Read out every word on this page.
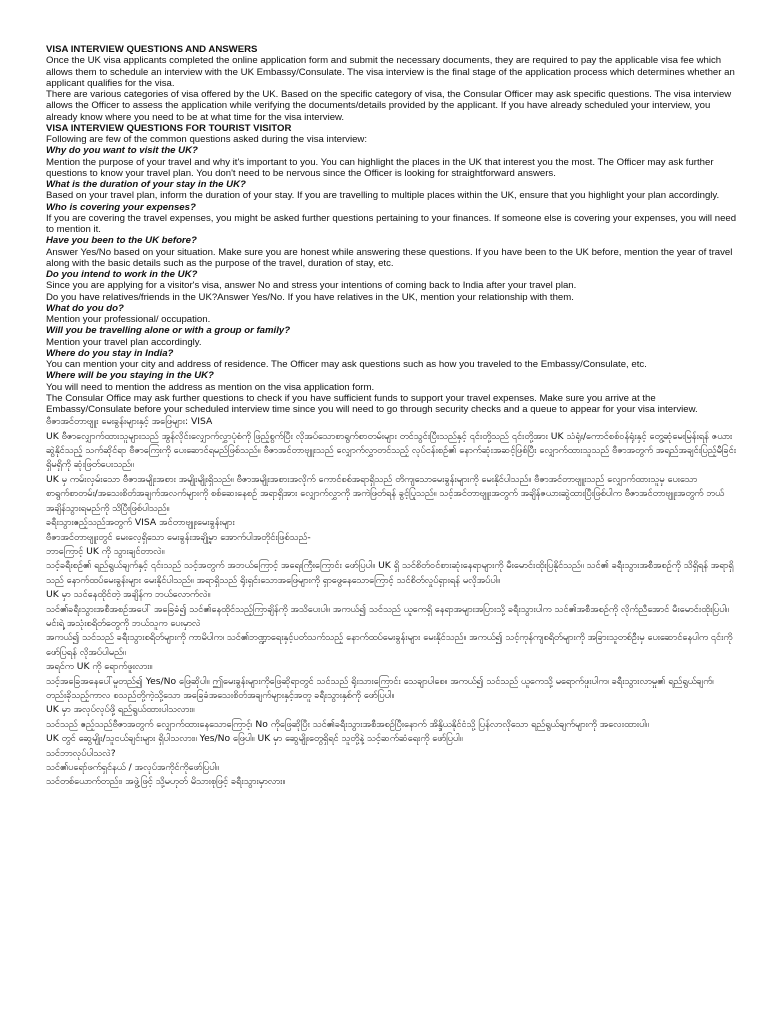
VISA INTERVIEW QUESTIONS AND ANSWERS

Once the UK visa applicants completed the online application form and submit the necessary documents, they are required to pay the applicable visa fee which allows them to schedule an interview with the UK Embassy/Consulate. The visa interview is the final stage of the application process which determines whether an applicant qualifies for the visa.

There are various categories of visa offered by the UK. Based on the specific category of visa, the Consular Officer may ask specific questions. The visa interview allows the Officer to assess the application while verifying the documents/details provided by the applicant. If you have already scheduled your interview, you already know where you need to be at what time for the visa interview.

VISA INTERVIEW QUESTIONS FOR TOURIST VISITOR

Following are few of the common questions asked during the visa interview:

Why do you want to visit the UK?

Mention the purpose of your travel and why it's important to you. You can highlight the places in the UK that interest you the most. The Officer may ask further questions to know your travel plan. You don't need to be nervous since the Officer is looking for straightforward answers.

What is the duration of your stay in the UK?

Based on your travel plan, inform the duration of your stay. If you are travelling to multiple places within the UK, ensure that you highlight your plan accordingly.

Who is covering your expenses?

If you are covering the travel expenses, you might be asked further questions pertaining to your finances. If someone else is covering your expenses, you will need to mention it.

Have you been to the UK before?

Answer Yes/No based on your situation. Make sure you are honest while answering these questions. If you have been to the UK before, mention the year of travel along with the basic details such as the purpose of the travel, duration of stay, etc.

Do you intend to work in the UK?

Since you are applying for a visitor's visa, answer No and stress your intentions of coming back to India after your travel plan.

Do you have relatives/friends in the UK?Answer Yes/No. If you have relatives in the UK, mention your relationship with them.

What do you do?

Mention your professional/ occupation.

Will you be travelling alone or with a group or family?

Mention your travel plan accordingly.

Where do you stay in India?

You can mention your city and address of residence. The Officer may ask questions such as how you traveled to the Embassy/Consulate, etc.

Where will be you staying in the UK?

You will need to mention the address as mention on the visa application form.

The Consular Office may ask further questions to check if you have sufficient funds to support your travel expenses. Make sure you arrive at the Embassy/Consulate before your scheduled interview time since you will need to go through security checks and a queue to appear for your visa interview.

ဗီဇာအင်တာဗျူး မေးခွန်းများနှင့် အဖြေများ: VISA

UK ဗီဇာလျှောက်ထားသူများသည် အွန်လိုင်းလျှောက်လွှာပုံစံကို ဖြည့်စွက်ပြီး လိုအပ်သောစာရွက်စာတမ်းများ တင်သွင်းပြီးသည်နှင့် ၎င်းတို့သည် ၎င်းတို့အား UK သံရုံး/ကောင်စစ်ဝန်ရုံးနှင့် တွေ့ဆုံမေးမြန်းရန် ဇယားဆွဲနိုင်သည့် သက်ဆိုင်ရာ ဗီဇာကြေးကို ပေးဆောင်ရမည်ဖြစ်သည်။ ဗီဇာအင်တာဗျူးသည် လျှောက်လွှာတင်သည့် လုပ်ငန်းစဉ်၏ နောက်ဆုံးအဆင့်ဖြစ်ပြီး လျှောက်ထားသူသည် ဗီဇာအတွက် အရည်အချင်းပြည့်မီခြင်းရှိမရှိကို ဆုံးဖြတ်ပေးသည်။

UK မှ ကမ်းလှမ်းသော ဗီဇာအမျိုးအစား အမျိုးမျိုးရှိသည်။ ဗီဇာအမျိုးအစားအလိုက် ကောင်စစ်အရာရှိသည် တိကျသောမေးခွန်းများကို မေးနိုင်ပါသည်။ ဗီဇာအင်တာဗျူးသည် လျှောက်ထားသူမှ ပေးသော စာရွက်စာတမ်း/အသေးစိတ်အချက်အလက်များကို စစ်ဆေးနေစဉ် အရာရှိအား လျှောက်လွှာကို အကဲဖြတ်ရန် ခွင့်ပြုသည်။ သင့်အင်တာဗျူးအတွက် အချိန်ဇယားဆွဲထားပြီးဖြစ်ပါက ဗီဇာအင်တာဗျူးအတွက် ဘယ်အချိန်သွားရမည်ကို သိပြီးဖြစ်ပါသည်။

ခရီးသွားဧည့်သည်အတွက် VISA အင်တာဗျူးမေးခွန်းများ

ဗီဇာအင်တာဗျူးတွင် မေးလေ့ရှိသော မေးခွန်းအချို့မှာ အောက်ပါအတိုင်းဖြစ်သည်-

ဘာကြောင့် UK ကို သွားချင်တာလဲ။

သင့်ခရီးစဉ်၏ ရည်ရွယ်ချက်နှင့် ၎င်းသည် သင့်အတွက် အဘယ်ကြောင့် အရေးကြီးကြောင်း ဖော်ပြပါ။ UK ရှိ သင်စိတ်ဝင်စားဆုံးနေရာများကို မီးမောင်းထိုးပြနိုင်သည်။ သင်၏ ခရီးသွားအစီအစဉ်ကို သိရှိရန် အရာရှိသည် နောက်ထပ်မေးခွန်းများ မေးနိုင်ပါသည်။ အရာရှိသည် ရိုးရှင်းသောအဖြေများကို ရှာဖွေနေသောကြောင့် သင်စိတ်လှုပ်ရှားရန် မလိုအပ်ပါ။

UK မှာ သင်နေထိုင်တဲ့ အချိန်က ဘယ်လောက်လဲ။

သင်၏ခရီးသွားအစီအစဉ်အပေါ် အခြေခံ၍ သင်၏နေထိုင်သည့်ကြာချိန်ကို အသိပေးပါ။ အကယ်၍ သင်သည် ယူကေရှိ နေရာအများအပြားသို့ ခရီးသွားပါက သင်၏အစီအစဉ်ကို လိုက်ညီအောင် မီးမောင်းထိုးပြပါ။

မင်းရဲ့ အသုံးစရိတ်တွေကို ဘယ်သူက ပေးမှာလဲ

အကယ်၍ သင်သည် ခရီးသွားစရိတ်များကို ကာမိပါက၊ သင်၏ဘဏ္ဍာရေးနှင့်ပတ်သက်သည့် နောက်ထပ်မေးခွန်းများ မေးနိုင်သည်။ အကယ်၍ သင့်ကုန်ကျစရိတ်များကို အခြားသူတစ်ဦးမှ ပေးဆောင်နေပါက ၎င်းကိုဖော်ပြရန် လိုအပ်ပါမည်။

အရင်က UK ကို ရောက်ဖူးလား။

သင့်အခြေအနေပေါ်မူတည်၍ Yes/No ဖြေဆိုပါ။ ဤမေးခွန်းများကိုဖြေဆိုရာတွင် သင်သည် ရိုးသားကြောင်း သေချာပါစေ။ အကယ်၍ သင်သည် ယူကေသို့ မရောက်ဖူးပါက၊ ခရီးသွားလာမှု၏ ရည်ရွယ်ချက်၊ တည်းခိုသည့်ကာလ စသည်တို့ကဲ့သို့သော အခြေခံအသေးစိတ်အချက်များနှင့်အတူ ခရီးသွားနှစ်ကို ဖော်ပြပါ။

UK မှာ အလုပ်လုပ်ဖို့ ရည်ရွယ်ထားပါသလား။

သင်သည် ဧည့်သည်ဗီဇာအတွက် လျှောက်ထားနေသောကြောင့်၊ No ကိုဖြေဆိုပြီး သင်၏ခရီးသွားအစီအစဉ်ပြီးနောက် အိန္ဒိယနိုင်ငံသို့ ပြန်လာလိုသော ရည်ရွယ်ချက်များကို အလေးထားပါ။

UK တွင် ဆွေမျိုး/သူငယ်ချင်းများ ရှိပါသလား။ Yes/No ဖြေပါ။ UK မှာ ဆွေမျိုးတွေရှိရင် သူတို့နဲ့ သင့်ဆက်ဆံရေးကို ဖော်ပြပါ။

သင်ဘာလုပ်ပါသလဲ?

သင်၏ပရော်ဖက်ရှင်နယ် / အလုပ်အကိုင်ကိုဖော်ပြပါ။

သင်တစ်ယောက်တည်း၊ အဖွဲ့ဖြင့် သို့မဟုတ် မိသားစုဖြင့် ခရီးသွားမှာလား။
